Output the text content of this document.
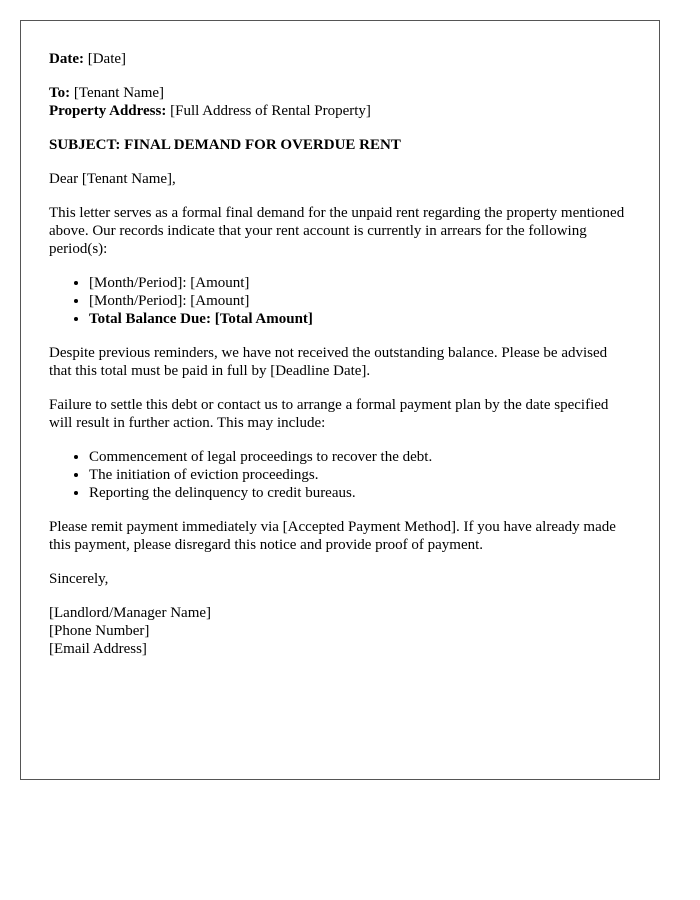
Date: [Date]

To: [Tenant Name]

Property Address: [Full Address of Rental Property]

SUBJECT: FINAL DEMAND FOR OVERDUE RENT

Dear [Tenant Name],

This letter serves as a formal final demand for the unpaid rent regarding the property mentioned above. Our records indicate that your rent account is currently in arrears for the following period(s):

• [Month/Period]: [Amount]
• [Month/Period]: [Amount]
• Total Balance Due: [Total Amount]

Despite previous reminders, we have not received the outstanding balance. Please be advised that this total must be paid in full by [Deadline Date].

Failure to settle this debt or contact us to arrange a formal payment plan by the date specified will result in further action. This may include:

• Commencement of legal proceedings to recover the debt.
• The initiation of eviction proceedings.
• Reporting the delinquency to credit bureaus.

Please remit payment immediately via [Accepted Payment Method]. If you have already made this payment, please disregard this notice and provide proof of payment.

Sincerely,

[Landlord/Manager Name]
[Phone Number]
[Email Address]
